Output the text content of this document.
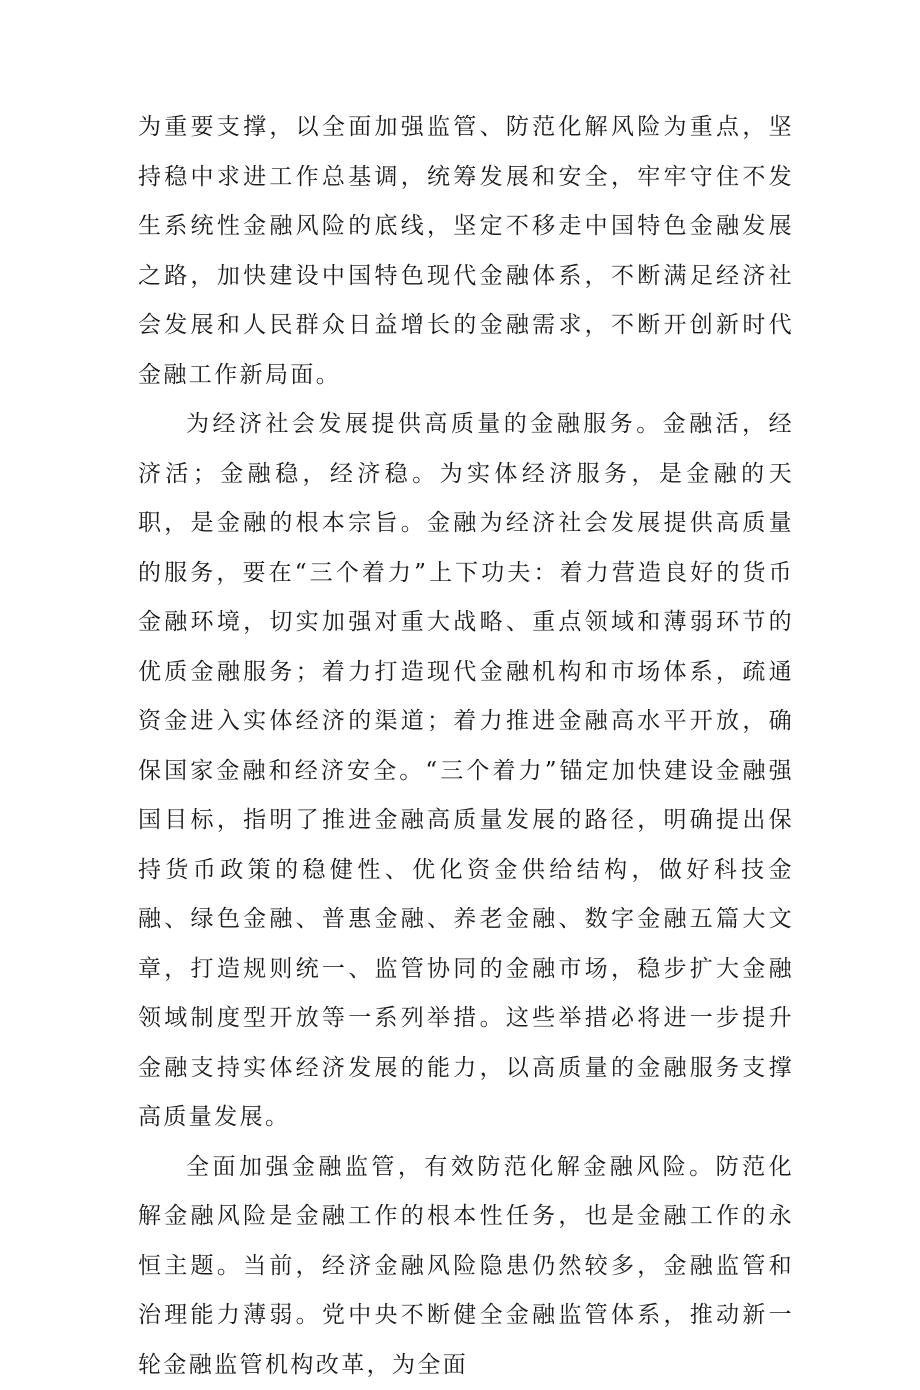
为重要支撑，以全面加强监管、防范化解风险为重点，坚持稳中求进工作总基调，统筹发展和安全，牢牢守住不发生系统性金融风险的底线，坚定不移走中国特色金融发展之路，加快建设中国特色现代金融体系，不断满足经济社会发展和人民群众日益增长的金融需求，不断开创新时代金融工作新局面。

为经济社会发展提供高质量的金融服务。金融活，经济活；金融稳，经济稳。为实体经济服务，是金融的天职，是金融的根本宗旨。金融为经济社会发展提供高质量的服务，要在“三个着力”上下功夫：着力营造良好的货币金融环境，切实加强对重大战略、重点领域和薄弱环节的优质金融服务；着力打造现代金融机构和市场体系，疏通资金进入实体经济的渠道；着力推进金融高水平开放，确保国家金融和经济安全。“三个着力”锚定加快建设金融强国目标，指明了推进金融高质量发展的路径，明确提出保持货币政策的稳健性、优化资金供给结构，做好科技金融、绿色金融、普惠金融、养老金融、数字金融五篇大文章，打造规则统一、监管协同的金融市场，稳步扩大金融领域制度型开放等一系列举措。这些举措必将进一步提升金融支持实体经济发展的能力，以高质量的金融服务支撑高质量发展。

全面加强金融监管，有效防范化解金融风险。防范化解金融风险是金融工作的根本性任务，也是金融工作的永恒主题。当前，经济金融风险隐患仍然较多，金融监管和治理能力薄弱。党中央不断健全金融监管体系，推动新一轮金融监管机构改革，为全面
